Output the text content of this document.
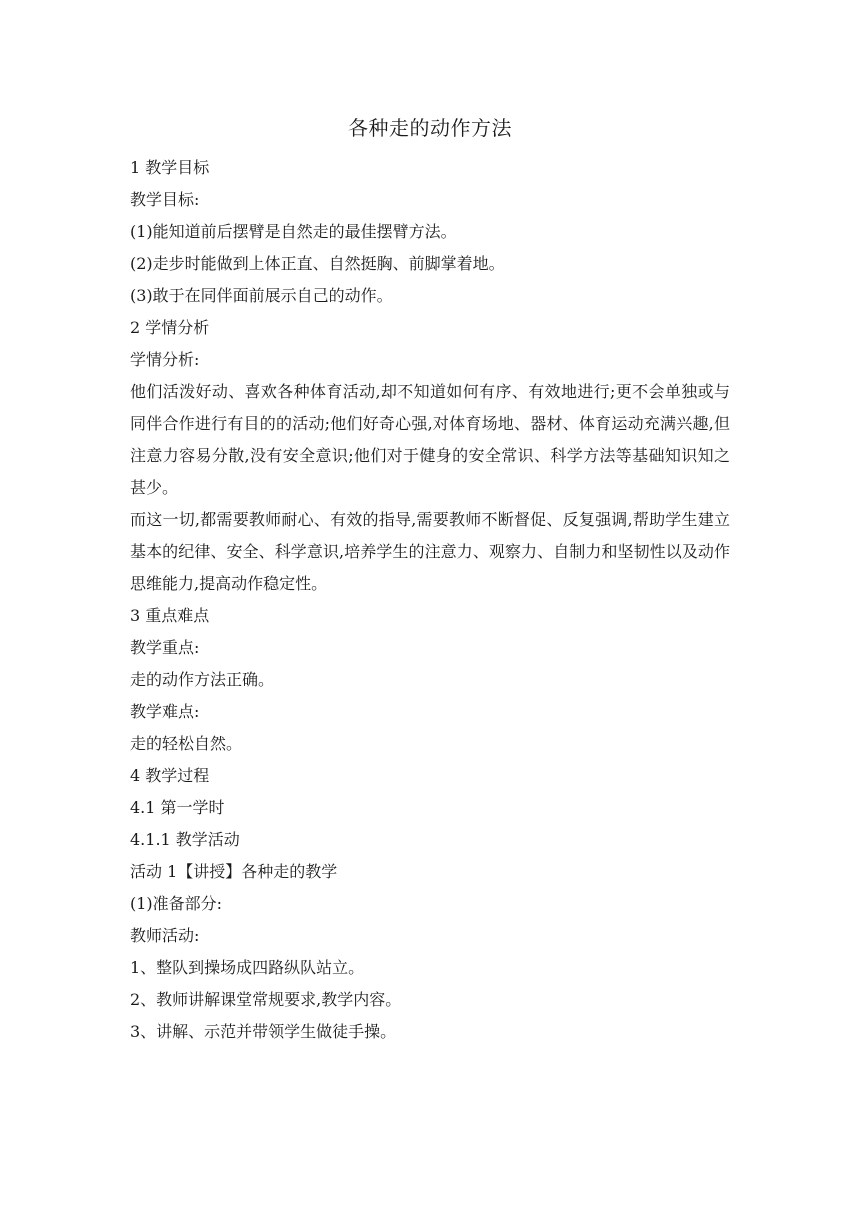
各种走的动作方法

1 教学目标

教学目标:

(1)能知道前后摆臂是自然走的最佳摆臂方法。

(2)走步时能做到上体正直、自然挺胸、前脚掌着地。

(3)敢于在同伴面前展示自己的动作。

2 学情分析

学情分析:

他们活泼好动、喜欢各种体育活动,却不知道如何有序、有效地进行;更不会单独或与同伴合作进行有目的的活动;他们好奇心强,对体育场地、器材、体育运动充满兴趣,但注意力容易分散,没有安全意识;他们对于健身的安全常识、科学方法等基础知识知之甚少。

而这一切,都需要教师耐心、有效的指导,需要教师不断督促、反复强调,帮助学生建立基本的纪律、安全、科学意识,培养学生的注意力、观察力、自制力和坚韧性以及动作思维能力,提高动作稳定性。

3 重点难点

教学重点:

走的动作方法正确。

教学难点:

走的轻松自然。

4 教学过程

4.1 第一学时

4.1.1 教学活动

活动 1【讲授】各种走的教学

(1)准备部分:

教师活动:

1、整队到操场成四路纵队站立。

2、教师讲解课堂常规要求,教学内容。

3、讲解、示范并带领学生做徒手操。
